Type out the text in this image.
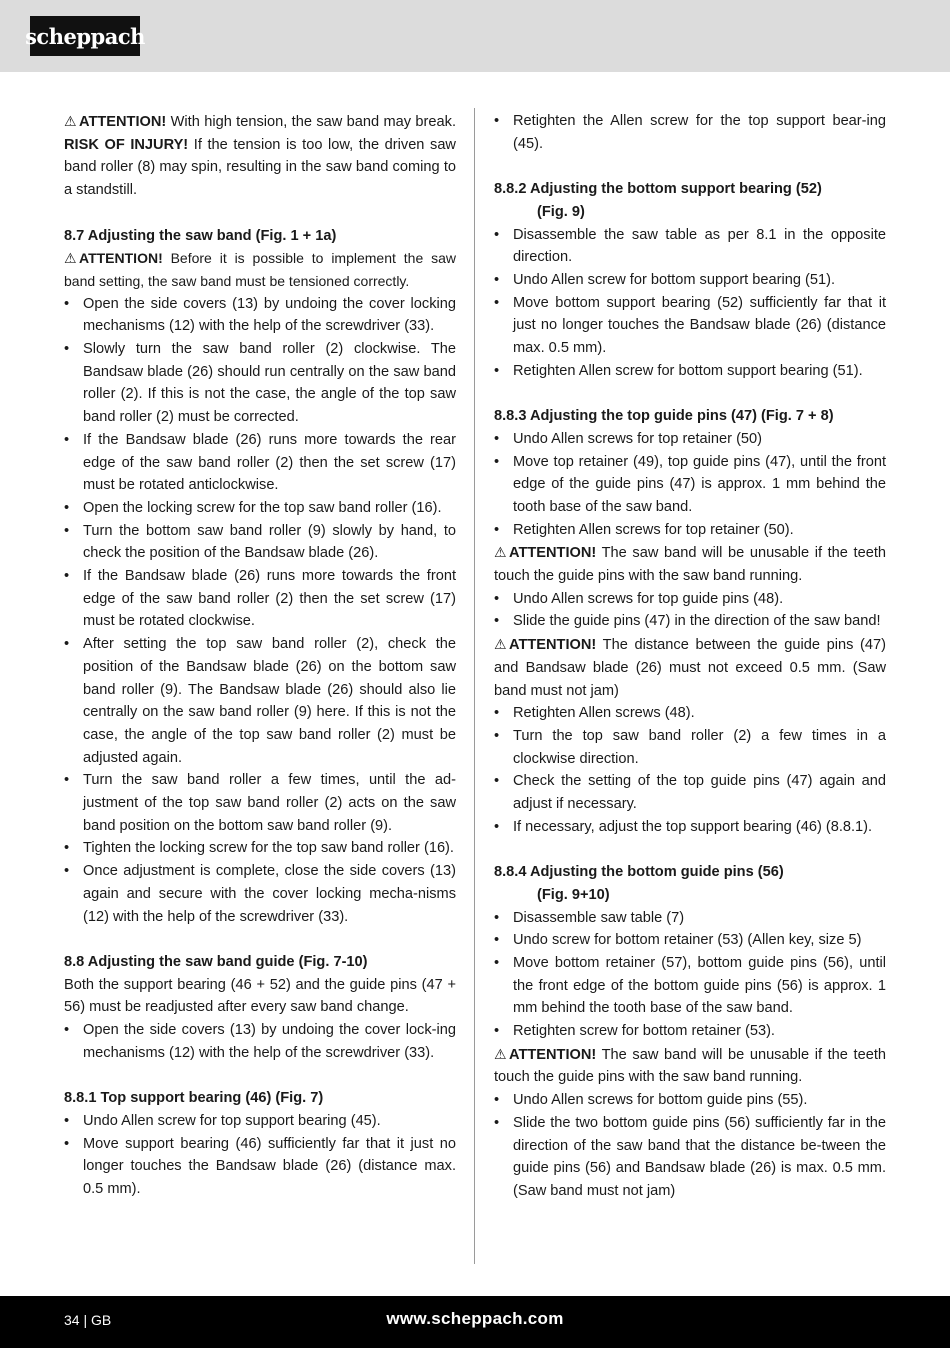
scheppach

⚠ ATTENTION! With high tension, the saw band may break. RISK OF INJURY! If the tension is too low, the driven saw band roller (8) may spin, resulting in the saw band coming to a standstill.

8.7 Adjusting the saw band (Fig. 1 + 1a)

⚠ ATTENTION! Before it is possible to implement the saw band setting, the saw band must be tensioned correctly.

• Open the side covers (13) by undoing the cover locking mechanisms (12) with the help of the screwdriver (33).
• Slowly turn the saw band roller (2) clockwise. The Bandsaw blade (26) should run centrally on the saw band roller (2). If this is not the case, the angle of the top saw band roller (2) must be corrected.
• If the Bandsaw blade (26) runs more towards the rear edge of the saw band roller (2) then the set screw (17) must be rotated anticlockwise.
• Open the locking screw for the top saw band roller (16).
• Turn the bottom saw band roller (9) slowly by hand, to check the position of the Bandsaw blade (26).
• If the Bandsaw blade (26) runs more towards the front edge of the saw band roller (2) then the set screw (17) must be rotated clockwise.
• After setting the top saw band roller (2), check the position of the Bandsaw blade (26) on the bottom saw band roller (9). The Bandsaw blade (26) should also lie centrally on the saw band roller (9) here. If this is not the case, the angle of the top saw band roller (2) must be adjusted again.
• Turn the saw band roller a few times, until the ad-justment of the top saw band roller (2) acts on the saw band position on the bottom saw band roller (9).
• Tighten the locking screw for the top saw band roller (16).
• Once adjustment is complete, close the side covers (13) again and secure with the cover locking mecha-nisms (12) with the help of the screwdriver (33).

8.8 Adjusting the saw band guide (Fig. 7-10)

Both the support bearing (46 + 52) and the guide pins (47 + 56) must be readjusted after every saw band change.

• Open the side covers (13) by undoing the cover lock-ing mechanisms (12) with the help of the screwdriver (33).

8.8.1 Top support bearing (46) (Fig. 7)

• Undo Allen screw for top support bearing (45).
• Move support bearing (46) sufficiently far that it just no longer touches the Bandsaw blade (26) (distance max. 0.5 mm).
• Retighten the Allen screw for the top support bear-ing (45).

8.8.2 Adjusting the bottom support bearing (52)
(Fig. 9)

• Disassemble the saw table as per 8.1 in the opposite direction.
• Undo Allen screw for bottom support bearing (51).
• Move bottom support bearing (52) sufficiently far that it just no longer touches the Bandsaw blade (26) (distance max. 0.5 mm).
• Retighten Allen screw for bottom support bearing (51).

8.8.3 Adjusting the top guide pins (47) (Fig. 7 + 8)

• Undo Allen screws for top retainer (50)
• Move top retainer (49), top guide pins (47), until the front edge of the guide pins (47) is approx. 1 mm behind the tooth base of the saw band.
• Retighten Allen screws for top retainer (50).

⚠ ATTENTION! The saw band will be unusable if the teeth touch the guide pins with the saw band running.

• Undo Allen screws for top guide pins (48).
• Slide the guide pins (47) in the direction of the saw band!

⚠ ATTENTION! The distance between the guide pins (47) and Bandsaw blade (26) must not exceed 0.5 mm. (Saw band must not jam)

• Retighten Allen screws (48).
• Turn the top saw band roller (2) a few times in a clockwise direction.
• Check the setting of the top guide pins (47) again and adjust if necessary.
• If necessary, adjust the top support bearing (46) (8.8.1).

8.8.4 Adjusting the bottom guide pins (56)
(Fig. 9+10)

• Disassemble saw table (7)
• Undo screw for bottom retainer (53) (Allen key, size 5)
• Move bottom retainer (57), bottom guide pins (56), until the front edge of the bottom guide pins (56) is approx. 1 mm behind the tooth base of the saw band.
• Retighten screw for bottom retainer (53).

⚠ ATTENTION! The saw band will be unusable if the teeth touch the guide pins with the saw band running.

• Undo Allen screws for bottom guide pins (55).
• Slide the two bottom guide pins (56) sufficiently far in the direction of the saw band that the distance be-tween the guide pins (56) and Bandsaw blade (26) is max. 0.5 mm. (Saw band must not jam)
34 | GB	www.scheppach.com
